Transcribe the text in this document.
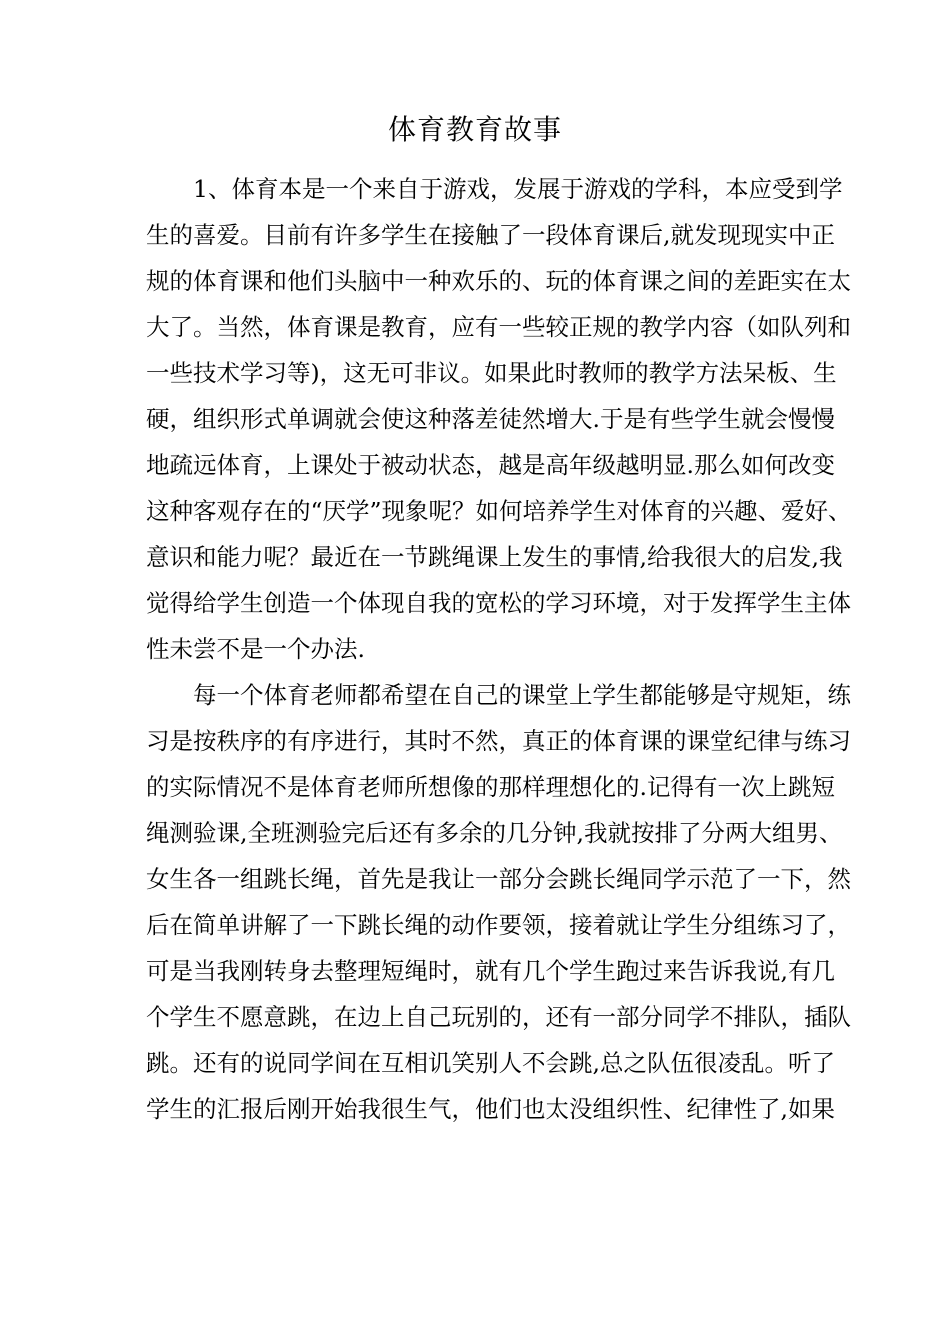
体育教育故事
1、体育本是一个来自于游戏，发展于游戏的学科，本应受到学
生的喜爱。目前有许多学生在接触了一段体育课后,就发现现实中正
规的体育课和他们头脑中一种欢乐的、玩的体育课之间的差距实在太
大了。当然，体育课是教育，应有一些较正规的教学内容（如队列和
一些技术学习等)，这无可非议。如果此时教师的教学方法呆板、生
硬，组织形式单调就会使这种落差徒然增大.于是有些学生就会慢慢
地疏远体育，上课处于被动状态，越是高年级越明显.那么如何改变
这种客观存在的“厌学”现象呢？如何培养学生对体育的兴趣、爱好、
意识和能力呢？最近在一节跳绳课上发生的事情,给我很大的启发,我
觉得给学生创造一个体现自我的宽松的学习环境，对于发挥学生主体
性未尝不是一个办法.
每一个体育老师都希望在自己的课堂上学生都能够是守规矩，练
习是按秩序的有序进行，其时不然，真正的体育课的课堂纪律与练习
的实际情况不是体育老师所想像的那样理想化的.记得有一次上跳短
绳测验课,全班测验完后还有多余的几分钟,我就按排了分两大组男、
女生各一组跳长绳，首先是我让一部分会跳长绳同学示范了一下，然
后在简单讲解了一下跳长绳的动作要领，接着就让学生分组练习了，
可是当我刚转身去整理短绳时，就有几个学生跑过来告诉我说,有几
个学生不愿意跳，在边上自己玩别的，还有一部分同学不排队，插队
跳。还有的说同学间在互相讥笑别人不会跳,总之队伍很凌乱。听了
学生的汇报后刚开始我很生气，他们也太没组织性、纪律性了,如果
